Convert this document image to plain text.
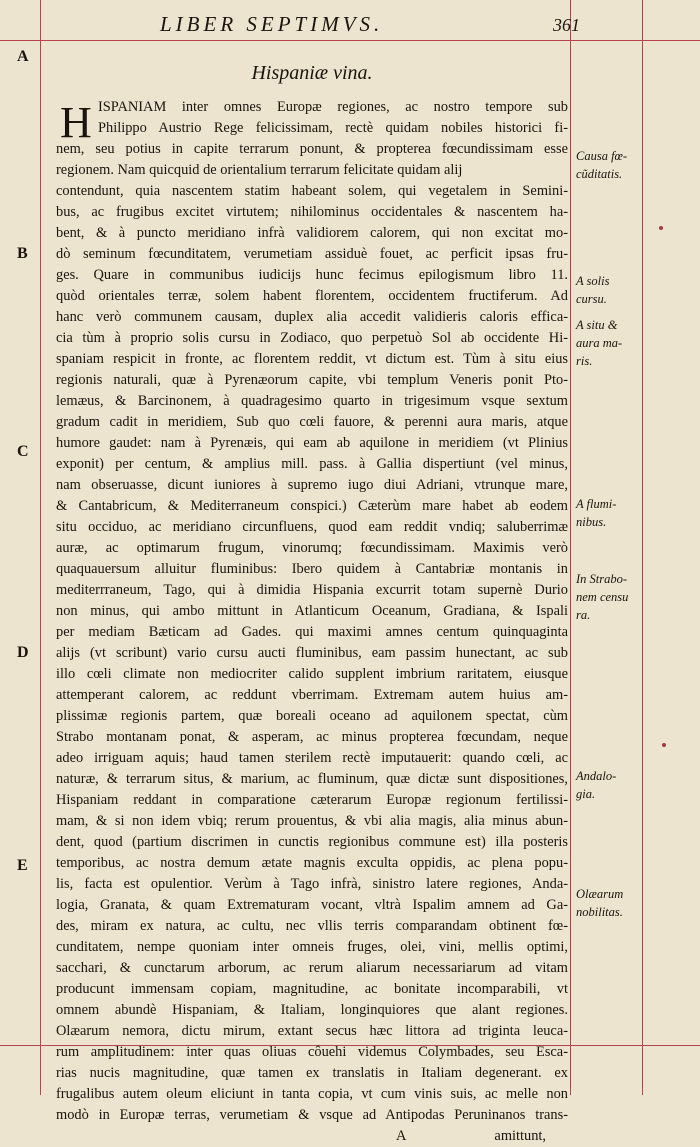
LIBER SEPTIMVS.	361
A
B
C
D
E
Hispaniæ vina.
H ISPANIAM inter omnes Europæ regiones, ac nostro tempore sub
Philippo Austrio Rege felicissimam, rectè quidam nobiles historici fi-
nem, seu potius in capite terrarum ponunt, & propterea fœcundissimam esse
regionem. Nam quicquid de orientalium terrarum felicitate quidam alij
contendunt, quia nascentem statim habeant solem, qui vegetalem in Semini-
bus, ac frugibus excitet virtutem; nihilominus occidentales & nascentem ha-
bent, & à puncto meridiano infrà validiorem calorem, qui non excitat mo-
dò seminum fœcunditatem, verumetiam assiduè fouet, ac perficit ipsas fru-
ges. Quare in communibus iudicijs hunc fecimus epilogismum libro 11.
quòd orientales terræ, solem habent florentem, occidentem fructiferum. Ad
hanc verò communem causam, duplex alia accedit validieris caloris effica-
cia tùm à proprio solis cursu in Zodiaco, quo perpetuò Sol ab occidente Hi-
spaniam respicit in fronte, ac florentem reddit, vt dictum est. Tùm à situ eius
regionis naturali, quæ à Pyrenæorum capite, vbi templum Veneris ponit Pto-
lemæus, & Barcinonem, à quadragesimo quarto in trigesimum vsque sextum
gradum cadit in meridiem, Sub quo cœli fauore, & perenni aura maris, atque
humore gaudet: nam à Pyrenæis, qui eam ab aquilone in meridiem (vt Plinius
exponit) per centum, & amplius mill. pass. à Gallia dispertiunt (vel minus,
nam obseruasse, dicunt iuniores à supremo iugo diui Adriani, vtrunque mare,
& Cantabricum, & Mediterraneum conspici.) Cæterùm mare habet ab eodem
situ occiduo, ac meridiano circunfluens, quod eam reddit vndiq; saluberrimæ
auræ, ac optimarum frugum, vinorumq; fœcundissimam. Maximis verò
quaquauersum alluitur fluminibus: Ibero quidem à Cantabriæ montanis in
mediterrraneum, Tago, qui à dimidia Hispania excurrit totam supernè Durio
non minus, qui ambo mittunt in Atlanticum Oceanum, Gradiana, & Ispali
per mediam Bæticam ad Gades. qui maximi amnes centum quinquaginta
alijs (vt scribunt) vario cursu aucti fluminibus, eam passim hunectant, ac sub
illo cœli climate non mediocriter calido supplent imbrium raritatem, eiusque
attemperant calorem, ac reddunt vberrimam. Extremam autem huius am-
plissimæ regionis partem, quæ boreali oceano ad aquilonem spectat, cùm
Strabo montanam ponat, & asperam, ac minus propterea fœcundam, neque
adeo irriguam aquis; haud tamen sterilem rectè imputauerit: quando cœli, ac
naturæ, & terrarum situs, & marium, ac fluminum, quæ dictæ sunt dispositiones,
Hispaniam reddant in comparatione cæterarum Europæ regionum fertilissi-
mam, & si non idem vbiq; rerum prouentus, & vbi alia magis, alia minus abun-
dent, quod (partium discrimen in cunctis regionibus commune est) illa posteris
temporibus, ac nostra demum ætate magnis exculta oppidis, ac plena popu-
lis, facta est opulentior. Verùm à Tago infrà, sinistro latere regiones, Anda-
logia, Granata, & quam Extrematuram vocant, vltrà Ispalim amnem ad Ga-
des, miram ex natura, ac cultu, nec vllis terris comparandam obtinent fœ-
cunditatem, nempe quoniam inter omneis fruges, olei, vini, mellis optimi,
sacchari, & cunctarum arborum, ac rerum aliarum necessariarum ad vitam
producunt immensam copiam, magnitudine, ac bonitate incomparabili, vt
omnem abundè Hispaniam, & Italiam, longinquiores que alant regiones.
Olæarum nemora, dictu mirum, extant secus hæc littora ad triginta leuca-
rum amplitudinem: inter quas oliuas côuehi videmus Colymbades, seu Esca-
rias nucis magnitudine, quæ tamen ex translatis in Italiam degenerant. ex
frugalibus autem oleum eliciunt in tanta copia, vt cum vinis suis, ac melle non
modò in Europæ terras, verumetiam & vsque ad Antipodas Peruninanos trans-
A amittunt,
Causa fœ-
cũditatis.
A solis
cursu.
A situ &
aura ma-
ris.
A flumi-
nibus.
In Strabo-
nem censu
ra.
Andalo-
gia.
Olæarum
nobilitas.
